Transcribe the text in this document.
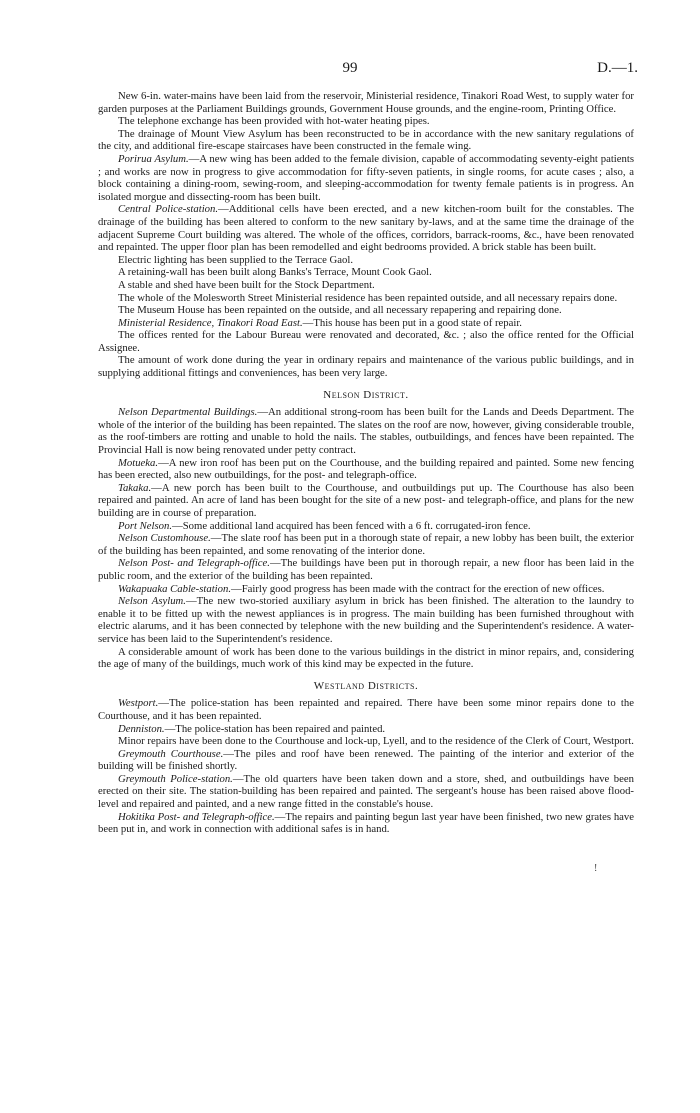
99	D.—1.

New 6-in. water-mains have been laid from the reservoir, Ministerial residence, Tinakori Road West, to supply water for garden purposes at the Parliament Buildings grounds, Government House grounds, and the engine-room, Printing Office.

The telephone exchange has been provided with hot-water heating pipes.

The drainage of Mount View Asylum has been reconstructed to be in accordance with the new sanitary regulations of the city, and additional fire-escape staircases have been constructed in the female wing.

Porirua Asylum.—A new wing has been added to the female division, capable of accommodating seventy-eight patients ; and works are now in progress to give accommodation for fifty-seven patients, in single rooms, for acute cases ; also, a block containing a dining-room, sewing-room, and sleeping-accommodation for twenty female patients is in progress. An isolated morgue and dissecting-room has been built.

Central Police-station.—Additional cells have been erected, and a new kitchen-room built for the constables. The drainage of the building has been altered to conform to the new sanitary by-laws, and at the same time the drainage of the adjacent Supreme Court building was altered. The whole of the offices, corridors, barrack-rooms, &c., have been renovated and repainted. The upper floor plan has been remodelled and eight bedrooms provided. A brick stable has been built.

Electric lighting has been supplied to the Terrace Gaol.

A retaining-wall has been built along Banks's Terrace, Mount Cook Gaol.

A stable and shed have been built for the Stock Department.

The whole of the Molesworth Street Ministerial residence has been repainted outside, and all necessary repairs done.

The Museum House has been repainted on the outside, and all necessary repapering and repairing done.

Ministerial Residence, Tinakori Road East.—This house has been put in a good state of repair.

The offices rented for the Labour Bureau were renovated and decorated, &c. ; also the office rented for the Official Assignee.

The amount of work done during the year in ordinary repairs and maintenance of the various public buildings, and in supplying additional fittings and conveniences, has been very large.

Nelson District.

Nelson Departmental Buildings.—An additional strong-room has been built for the Lands and Deeds Department. The whole of the interior of the building has been repainted. The slates on the roof are now, however, giving considerable trouble, as the roof-timbers are rotting and unable to hold the nails. The stables, outbuildings, and fences have been repainted. The Provincial Hall is now being renovated under petty contract.

Motueka.—A new iron roof has been put on the Courthouse, and the building repaired and painted. Some new fencing has been erected, also new outbuildings, for the post- and telegraph-office.

Takaka.—A new porch has been built to the Courthouse, and outbuildings put up. The Courthouse has also been repaired and painted. An acre of land has been bought for the site of a new post- and telegraph-office, and plans for the new building are in course of preparation.

Port Nelson.—Some additional land acquired has been fenced with a 6 ft. corrugated-iron fence.

Nelson Customhouse.—The slate roof has been put in a thorough state of repair, a new lobby has been built, the exterior of the building has been repainted, and some renovating of the interior done.

Nelson Post- and Telegraph-office.—The buildings have been put in thorough repair, a new floor has been laid in the public room, and the exterior of the building has been repainted.

Wakapuaka Cable-station.—Fairly good progress has been made with the contract for the erection of new offices.

Nelson Asylum.—The new two-storied auxiliary asylum in brick has been finished. The alteration to the laundry to enable it to be fitted up with the newest appliances is in progress. The main building has been furnished throughout with electric alarums, and it has been connected by telephone with the new building and the Superintendent's residence. A water-service has been laid to the Superintendent's residence.

A considerable amount of work has been done to the various buildings in the district in minor repairs, and, considering the age of many of the buildings, much work of this kind may be expected in the future.

Westland Districts.

Westport.—The police-station has been repainted and repaired. There have been some minor repairs done to the Courthouse, and it has been repainted.

Denniston.—The police-station has been repaired and painted.

Minor repairs have been done to the Courthouse and lock-up, Lyell, and to the residence of the Clerk of Court, Westport.

Greymouth Courthouse.—The piles and roof have been renewed. The painting of the interior and exterior of the building will be finished shortly.

Greymouth Police-station.—The old quarters have been taken down and a store, shed, and outbuildings have been erected on their site. The station-building has been repaired and painted. The sergeant's house has been raised above flood-level and repaired and painted, and a new range fitted in the constable's house.

Hokitika Post- and Telegraph-office.—The repairs and painting begun last year have been finished, two new grates have been put in, and work in connection with additional safes is in hand.

!
